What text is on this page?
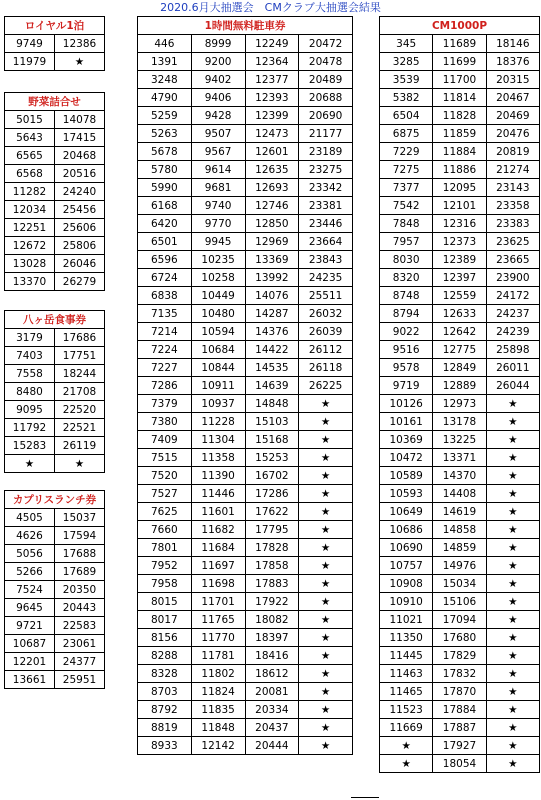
2020.6月大抽選会　CMクラブ大抽選会結果
ロイヤル1泊	
9749	12386
11979	★
野菜詰合せ	
5015	14078
5643	17415
6565	20468
6568	20516
11282	24240
12034	25456
12251	25606
12672	25806
13028	26046
13370	26279
八ヶ岳食事券	
3179	17686
7403	17751
7558	18244
8480	21708
9095	22520
11792	22521
15283	26119
★	★
カプリスランチ券	
4505	15037
4626	17594
5056	17688
5266	17689
7524	20350
9645	20443
9721	22583
10687	23061
12201	24377
13661	25951
1時間無料駐車券			
446	8999	12249	20472
1391	9200	12364	20478
3248	9402	12377	20489
4790	9406	12393	20688
5259	9428	12399	20690
5263	9507	12473	21177
5678	9567	12601	23189
5780	9614	12635	23275
5990	9681	12693	23342
6168	9740	12746	23381
6420	9770	12850	23446
6501	9945	12969	23664
6596	10235	13369	23843
6724	10258	13992	24235
6838	10449	14076	25511
7135	10480	14287	26032
7214	10594	14376	26039
7224	10684	14422	26112
7227	10844	14535	26118
7286	10911	14639	26225
7379	10937	14848	★
7380	11228	15103	★
7409	11304	15168	★
7515	11358	15253	★
7520	11390	16702	★
7527	11446	17286	★
7625	11601	17622	★
7660	11682	17795	★
7801	11684	17828	★
7952	11697	17858	★
7958	11698	17883	★
8015	11701	17922	★
8017	11765	18082	★
8156	11770	18397	★
8288	11781	18416	★
8328	11802	18612	★
8703	11824	20081	★
8792	11835	20334	★
8819	11848	20437	★
8933	12142	20444	★
CM1000P		
345	11689	18146
3285	11699	18376
3539	11700	20315
5382	11814	20467
6504	11828	20469
6875	11859	20476
7229	11884	20819
7275	11886	21274
7377	12095	23143
7542	12101	23358
7848	12316	23383
7957	12373	23625
8030	12389	23665
8320	12397	23900
8748	12559	24172
8794	12633	24237
9022	12642	24239
9516	12775	25898
9578	12849	26011
9719	12889	26044
10126	12973	★
10161	13178	★
10369	13225	★
10472	13371	★
10589	14370	★
10593	14408	★
10649	14619	★
10686	14858	★
10690	14859	★
10757	14976	★
10908	15034	★
10910	15106	★
11021	17094	★
11350	17680	★
11445	17829	★
11463	17832	★
11465	17870	★
11523	17884	★
11669	17887	★
★	17927	★
★	18054	★
